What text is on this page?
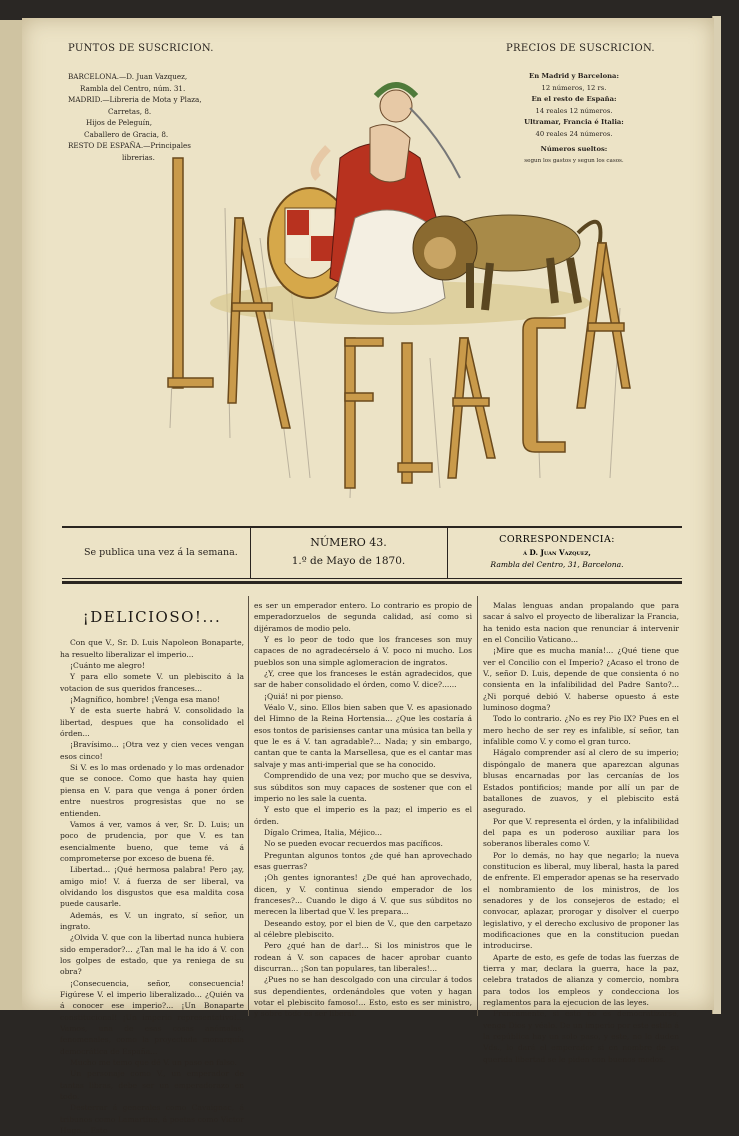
PUNTOS DE SUSCRICION.
BARCELONA.—D. Juan Vazquez,
Rambla del Centro, núm. 31.
MADRID.—Libreria de Mota y Plaza,
Carretas, 8.
Hijos de Peleguín,
Caballero de Gracia, 8.
RESTO DE ESPAÑA.—Principales
librerias.
PRECIOS DE SUSCRICION.
En Madrid y Barcelona:
12 números, 12 rs.
En el resto de España:
14 reales 12 números.
Ultramar, Francia é Italia:
40 reales 24 números.
Números sueltos:
segun los gastos y segun los casos.
Se publica una vez á la semana.
NÚMERO 43.
1.º de Mayo de 1870.
CORRESPONDENCIA:
á D. Juan Vazquez,
Rambla del Centro, 31, Barcelona.
¡DELICIOSO!...

Con que V., Sr. D. Luis Napoleon Bonaparte, ha resuelto liberalizar el imperio...

¡Cuánto me alegro!

Y para ello somete V. un plebiscito á la votacion de sus queridos franceses...

¡Magnífico, hombre! ¡Venga esa mano!

Y de esta suerte habrá V. consolidado la libertad, despues que ha consolidado el órden...

¡Bravísimo... ¡Otra vez y cien veces vengan esos cinco!

Si V. es lo mas ordenado y lo mas ordenador que se conoce. Como que hasta hay quien piensa en V. para que venga á poner órden entre nuestros progresistas que no se entienden.

Vamos á ver, vamos á ver, Sr. D. Luis; un poco de prudencia, por que V. es tan esencialmente bueno, que teme vá á comprometerse por exceso de buena fé.

Libertad... ¡Qué hermosa palabra! Pero ¡ay, amigo mio! V. á fuerza de ser liberal, va olvidando los disgustos que esa maldita cosa puede causarle.

Además, es V. un ingrato, sí señor, un ingrato.

¿Olvida V. que con la libertad nunca hubiera sido emperador?... ¿Tan mal le ha ido á V. con los golpes de estado, que ya reniega de su obra?

¡Consecuencia, señor, consecuencia! Figúrese V. el imperio liberalizado... ¿Quién va á conocer ese imperio?... ¡Un Bonaparte constitucional! ¡Un imperio representativo!... Vamos, una de esas cosas anómalas, fenomenales, como la proyectada monarquía democrática de España...

Mucho me temo que dé V. un paso en falso.

Un personaje como V., un emperador de tantas libras, debe ser un emperadorazo en todo.

Desterrar á generales como Cavaignac, á tribunos como Lamartine, á poetas como Victor Hugo... Esto

es ser un emperador entero. Lo contrario es propio de emperadorzuelos de segunda calidad, así como si dijéramos de modio pelo.

Y es lo peor de todo que los franceses son muy capaces de no agradecérselo á V. poco ni mucho. Los pueblos son una simple aglomeracion de ingratos.

¿Y, cree que los franceses le están agradecidos, que sar de haber consolidado el órden, como V. dice?......

¡Quiá! ni por pienso.

Véalo V., sino. Ellos bien saben que V. es apasionado del Himno de la Reina Hortensia... ¿Que les costaría á esos tontos de parisienses cantar una música tan bella y que le es á V. tan agradable?... Nada; y sin embargo, cantan que te canta la Marsellesa, que es el cantar mas salvaje y mas anti-imperial que se ha conocido.

Comprendido de una vez; por mucho que se desviva, sus súbditos son muy capaces de sostener que con el imperio no les sale la cuenta.

Y esto que el imperio es la paz; el imperio es el órden.

Dígalo Crimea, Italia, Méjico...

No se pueden evocar recuerdos mas pacíficos.

Preguntan algunos tontos ¿de qué han aprovechado esas guerras?

¡Oh gentes ignorantes! ¿De qué han aprovechado, dicen, y V. continua siendo emperador de los franceses?... Cuando le digo á V. que sus súbditos no merecen la libertad que V. les prepara...

Deseando estoy, por el bien de V., que den carpetazo al célebre plebiscito.

Pero ¿qué han de dar!... Si los ministros que le rodean á V. son capaces de hacer aprobar cuanto discurran... ¡Son tan populares, tan liberales!...

¿Pues no se han descolgado con una circular á todos sus dependientes, ordenándoles que voten y hagan votar el plebiscito famoso!... Esto, esto es ser ministro, y sobre todo es ser liberal.

Malas lenguas andan propalando que para sacar á salvo el proyecto de liberalizar la Francia, ha tenido esta nacion que renunciar á intervenir en el Concilio Vaticano...

¡Mire que es mucha manía!... ¿Qué tiene que ver el Concilio con el Imperio? ¿Acaso el trono de V., señor D. Luis, depende de que consienta ó no consienta en la infalibilidad del Padre Santo?... ¿Ni porqué debió V. haberse opuesto á este luminoso dogma?

Todo lo contrario. ¿No es rey Pio IX? Pues en el mero hecho de ser rey es infalible, sí señor, tan infalible como V. y como el gran turco.

Hágalo comprender así al clero de su imperio; dispóngalo de manera que aparezcan algunas blusas encarnadas por las cercanías de los Estados pontificios; mande por allí un par de batallones de zuavos, y el plebiscito está asegurado.

Por que V. representa el órden, y la infalibilidad del papa es un poderoso auxiliar para los soberanos liberales como V.

Por lo demás, no hay que negarlo; la nueva constitucion es liberal, muy liberal, hasta la pared de enfrente. El emperador apenas se ha reservado el nombramiento de los ministros, de los senadores y de los consejeros de estado; el convocar, aplazar, prorogar y disolver el cuerpo legislativo, y el derecho exclusivo de proponer las modificaciones que en la constitucion puedan introducirse.

Aparte de esto, es gefe de todas las fuerzas de tierra y mar, declara la guerra, hace la paz, celebra tratados de alianza y comercio, nombra para todos los empleos y condecciona los reglamentos para la ejecucion de las leyes.

Francamente, si esto no es democratizarse, venga Dios y véalo. De un imperio por este estilo á la república hay un solo paso, y este, no lo duden Vds., lo dará el emperador si en nombre de su querida libertad se le piden con buenos modos.
